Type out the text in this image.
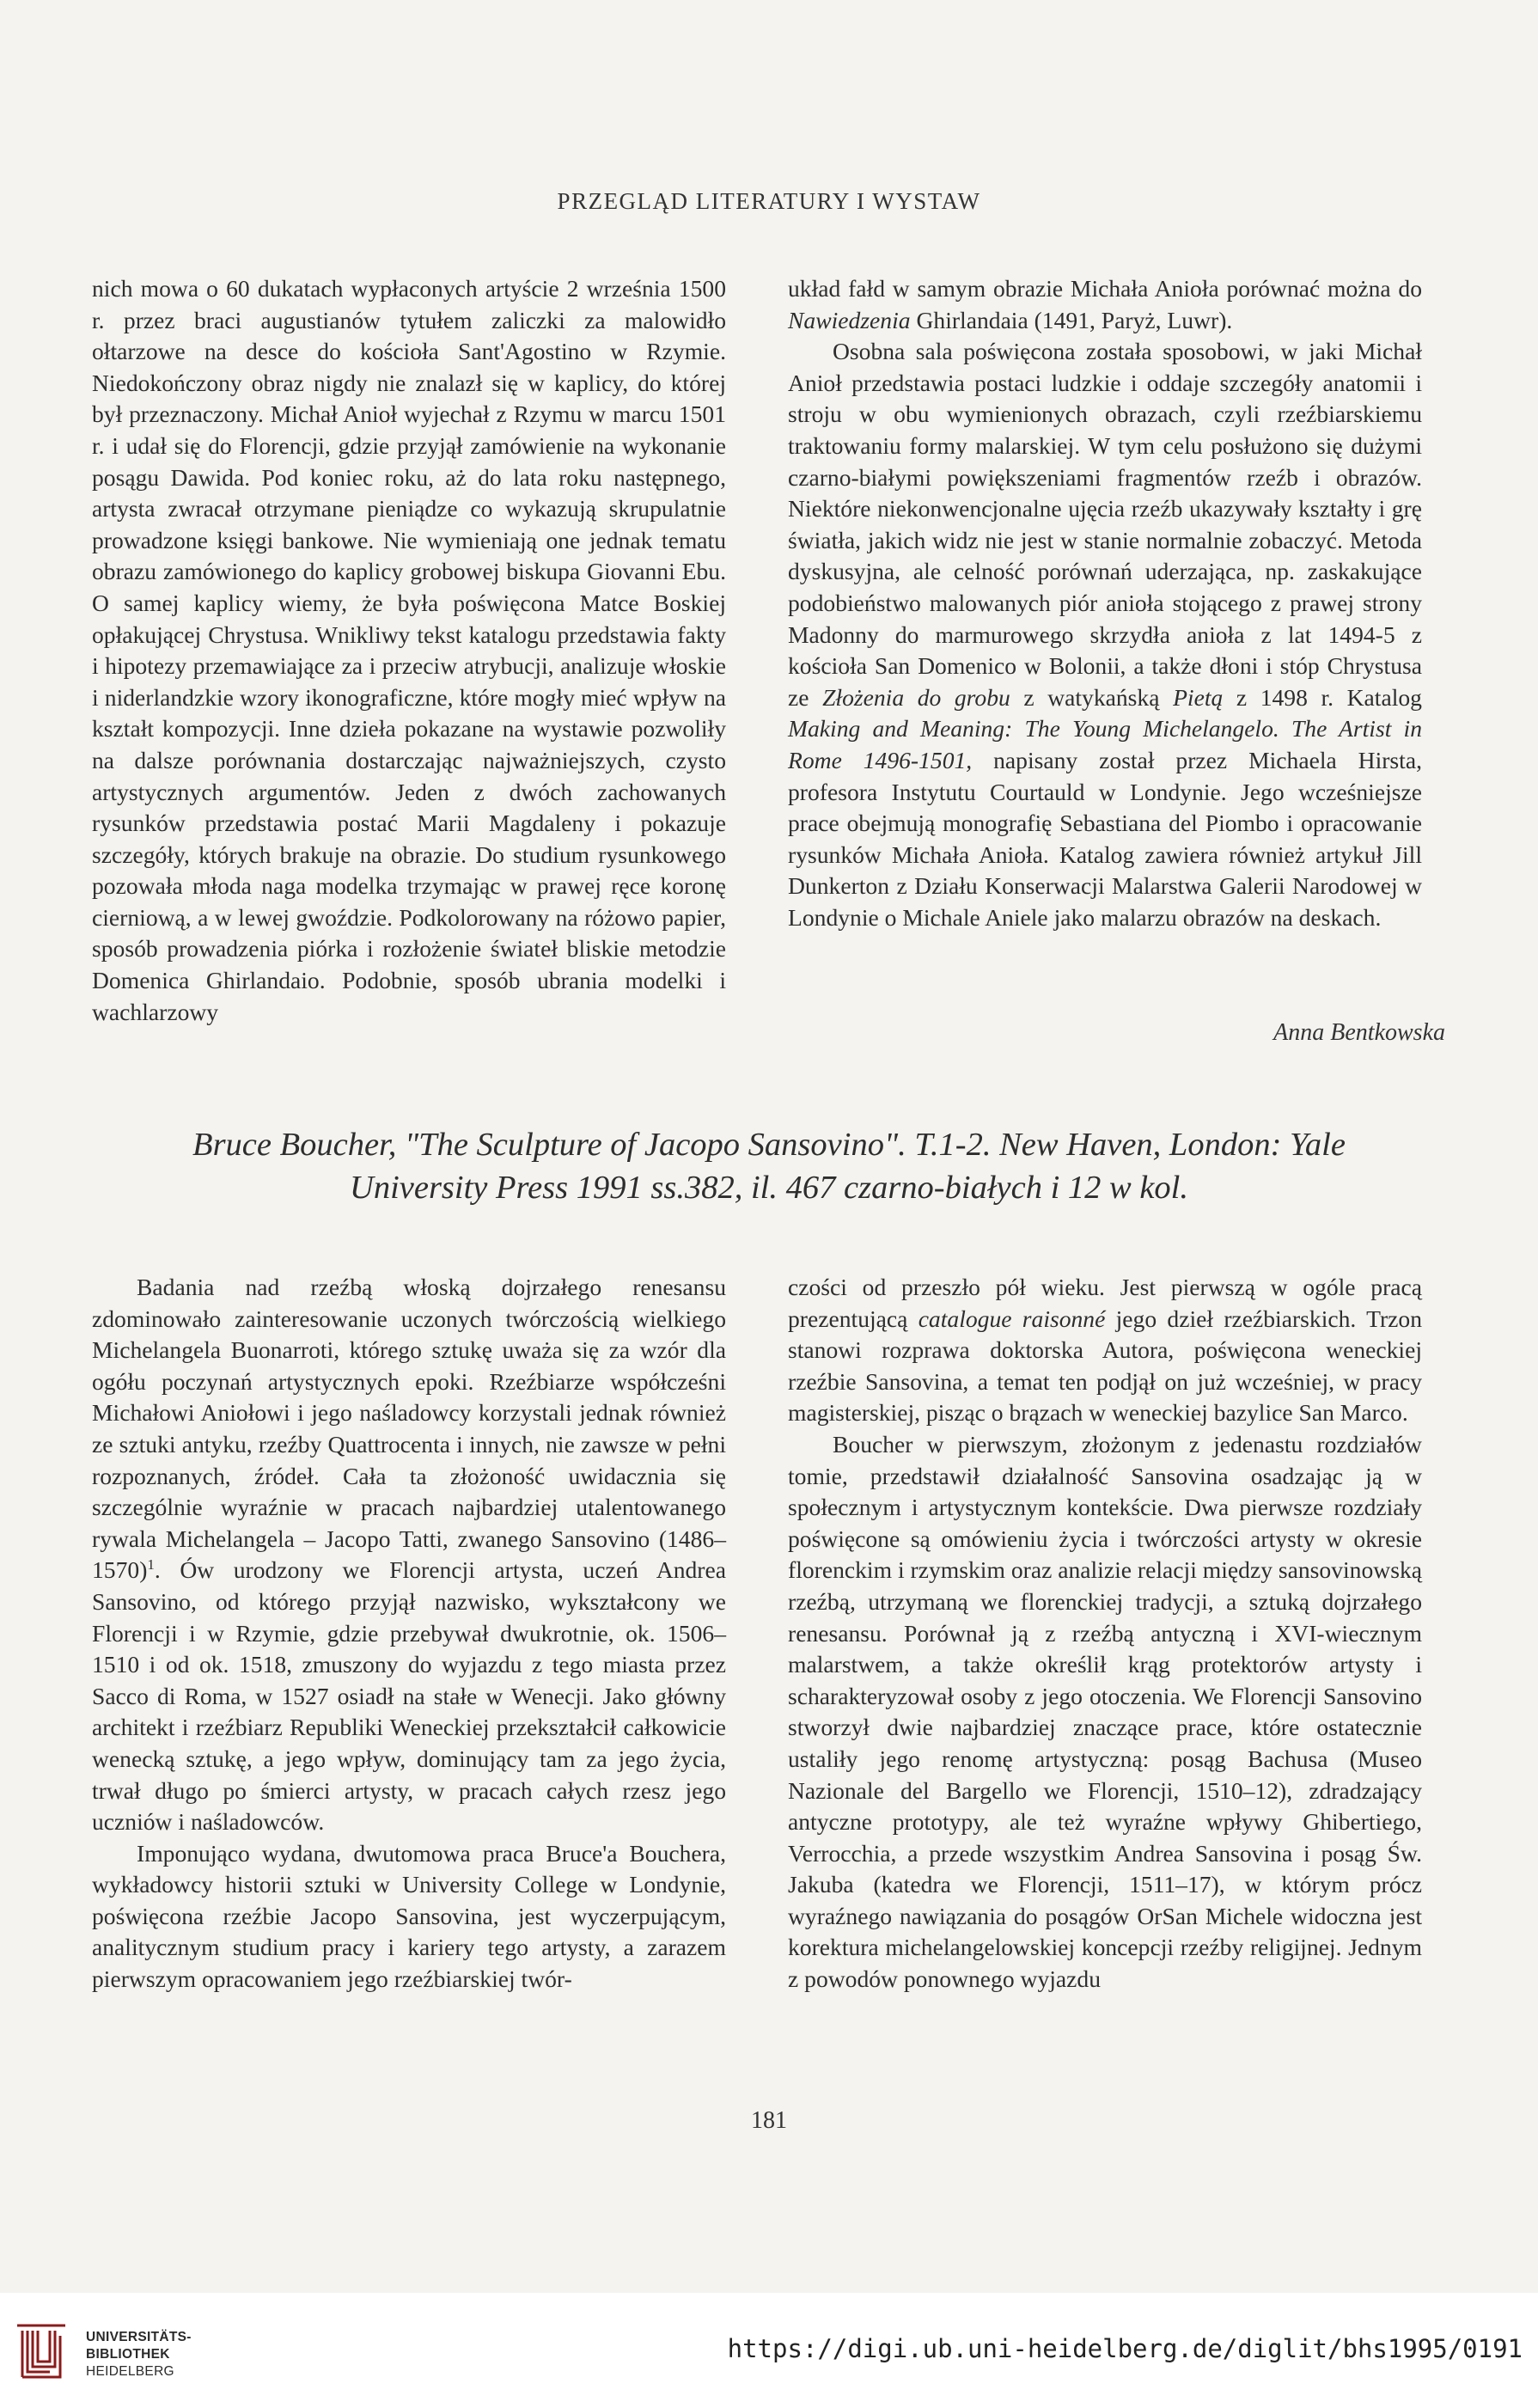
PRZEGLĄD LITERATURY I WYSTAW

nich mowa o 60 dukatach wypłaconych artyście 2 września 1500 r. przez braci augustianów tytułem zaliczki za malowidło ołtarzowe na desce do kościoła Sant'Agostino w Rzymie. Niedokończony obraz nigdy nie znalazł się w kaplicy, do której był przeznaczony. Michał Anioł wyjechał z Rzymu w marcu 1501 r. i udał się do Florencji, gdzie przyjął zamówienie na wykonanie posągu Dawida. Pod koniec roku, aż do lata roku następnego, artysta zwracał otrzymane pieniądze co wykazują skrupulatnie prowadzone księgi bankowe. Nie wymieniają one jednak tematu obrazu zamówionego do kaplicy grobowej biskupa Giovanni Ebu. O samej kaplicy wiemy, że była poświęcona Matce Boskiej opłakującej Chrystusa. Wnikliwy tekst katalogu przedstawia fakty i hipotezy przemawiające za i przeciw atrybucji, analizuje włoskie i niderlandzkie wzory ikonograficzne, które mogły mieć wpływ na kształt kompozycji. Inne dzieła pokazane na wystawie pozwoliły na dalsze porównania dostarczając najważniejszych, czysto artystycznych argumentów. Jeden z dwóch zachowanych rysunków przedstawia postać Marii Magdaleny i pokazuje szczegóły, których brakuje na obrazie. Do studium rysunkowego pozowała młoda naga modelka trzymając w prawej ręce koronę cierniową, a w lewej gwoździe. Podkolorowany na różowo papier, sposób prowadzenia piórka i rozłożenie świateł bliskie metodzie Domenica Ghirlandaio. Podobnie, sposób ubrania modelki i wachlarzowy

układ fałd w samym obrazie Michała Anioła porównać można do Nawiedzenia Ghirlandaia (1491, Paryż, Luwr).

Osobna sala poświęcona została sposobowi, w jaki Michał Anioł przedstawia postaci ludzkie i oddaje szczegóły anatomii i stroju w obu wymienionych obrazach, czyli rzeźbiarskiemu traktowaniu formy malarskiej. W tym celu posłużono się dużymi czarno-białymi powiększeniami fragmentów rzeźb i obrazów. Niektóre niekonwencjonalne ujęcia rzeźb ukazywały kształty i grę światła, jakich widz nie jest w stanie normalnie zobaczyć. Metoda dyskusyjna, ale celność porównań uderzająca, np. zaskakujące podobieństwo malowanych piór anioła stojącego z prawej strony Madonny do marmurowego skrzydła anioła z lat 1494-5 z kościoła San Domenico w Bolonii, a także dłoni i stóp Chrystusa ze Złożenia do grobu z watykańską Pietą z 1498 r. Katalog Making and Meaning: The Young Michelangelo. The Artist in Rome 1496-1501, napisany został przez Michaela Hirsta, profesora Instytutu Courtauld w Londynie. Jego wcześniejsze prace obejmują monografię Sebastiana del Piombo i opracowanie rysunków Michała Anioła. Katalog zawiera również artykuł Jill Dunkerton z Działu Konserwacji Malarstwa Galerii Narodowej w Londynie o Michale Aniele jako malarzu obrazów na deskach.

Anna Bentkowska
Bruce Boucher, "The Sculpture of Jacopo Sansovino". T.1-2. New Haven, London: Yale
University Press 1991 ss.382, il. 467 czarno-białych i 12 w kol.

Badania nad rzeźbą włoską dojrzałego renesansu zdominowało zainteresowanie uczonych twórczością wielkiego Michelangela Buonarroti, którego sztukę uważa się za wzór dla ogółu poczynań artystycznych epoki. Rzeźbiarze współcześni Michałowi Aniołowi i jego naśladowcy korzystali jednak również ze sztuki antyku, rzeźby Quattrocenta i innych, nie zawsze w pełni rozpoznanych, źródeł. Cała ta złożoność uwidacznia się szczególnie wyraźnie w pracach najbardziej utalentowanego rywala Michelangela – Jacopo Tatti, zwanego Sansovino (1486–1570)$^1$. Ów urodzony we Florencji artysta, uczeń Andrea Sansovino, od którego przyjął nazwisko, wykształcony we Florencji i w Rzymie, gdzie przebywał dwukrotnie, ok. 1506–1510 i od ok. 1518, zmuszony do wyjazdu z tego miasta przez Sacco di Roma, w 1527 osiadł na stałe w Wenecji. Jako główny architekt i rzeźbiarz Republiki Weneckiej przekształcił całkowicie wenecką sztukę, a jego wpływ, dominujący tam za jego życia, trwał długo po śmierci artysty, w pracach całych rzesz jego uczniów i naśladowców.

Imponująco wydana, dwutomowa praca Bruce'a Bouchera, wykładowcy historii sztuki w University College w Londynie, poświęcona rzeźbie Jacopo Sansovina, jest wyczerpującym, analitycznym studium pracy i kariery tego artysty, a zarazem pierwszym opracowaniem jego rzeźbiarskiej twór-

czości od przeszło pół wieku. Jest pierwszą w ogóle pracą prezentującą catalogue raisonné jego dzieł rzeźbiarskich. Trzon stanowi rozprawa doktorska Autora, poświęcona weneckiej rzeźbie Sansovina, a temat ten podjął on już wcześniej, w pracy magisterskiej, pisząc o brązach w weneckiej bazylice San Marco.

Boucher w pierwszym, złożonym z jedenastu rozdziałów tomie, przedstawił działalność Sansovina osadzając ją w społecznym i artystycznym kontekście. Dwa pierwsze rozdziały poświęcone są omówieniu życia i twórczości artysty w okresie florenckim i rzymskim oraz analizie relacji między sansovinowską rzeźbą, utrzymaną we florenckiej tradycji, a sztuką dojrzałego renesansu. Porównał ją z rzeźbą antyczną i XVI-wiecznym malarstwem, a także określił krąg protektorów artysty i scharakteryzował osoby z jego otoczenia. We Florencji Sansovino stworzył dwie najbardziej znaczące prace, które ostatecznie ustaliły jego renomę artystyczną: posąg Bachusa (Museo Nazionale del Bargello we Florencji, 1510–12), zdradzający antyczne prototypy, ale też wyraźne wpływy Ghibertiego, Verrocchia, a przede wszystkim Andrea Sansovina i posąg Św. Jakuba (katedra we Florencji, 1511–17), w którym prócz wyraźnego nawiązania do posągów OrSan Michele widoczna jest korektura michelangelowskiej koncepcji rzeźby religijnej. Jednym z powodów ponownego wyjazdu

181
UNIVERSITÄTS-
BIBLIOTHEK
HEIDELBERG
https://digi.ub.uni-heidelberg.de/diglit/bhs1995/0191
